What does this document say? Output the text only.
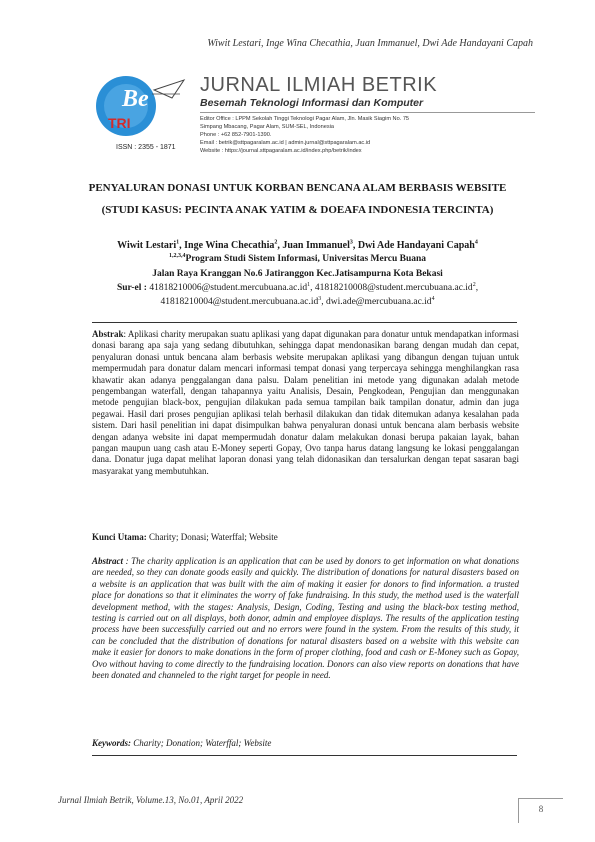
Wiwit Lestari, Inge Wina Checathia, Juan Immanuel, Dwi Ade Handayani Capah
Be
TRI
ISSN : 2355 - 1871
JURNAL ILMIAH BETRIK
Besemah Teknologi Informasi dan Komputer
Editor Office : LPPM Sekolah Tinggi Teknologi Pagar Alam, Jln. Masik Siagim No. 75
Simpang Mbacang, Pagar Alam, SUM-SEL, Indonesia
Phone : +62 852-7901-1390.
Email : betrik@sttpagaralam.ac.id | admin.jurnal@sttpagaralam.ac.id
Website : https://journal.sttpagaralam.ac.id/index.php/betrik/index
PENYALURAN DONASI UNTUK KORBAN BENCANA ALAM BERBASIS WEBSITE
(STUDI KASUS: PECINTA ANAK YATIM & DOEAFA INDONESIA TERCINTA)
Wiwit Lestari$^1$, Inge Wina Checathia$^2$, Juan Immanuel$^3$, Dwi Ade Handayani Capah$^4$
$^{1,2,3,4}$Program Studi Sistem Informasi, Universitas Mercu Buana
Jalan Raya Kranggan No.6 Jatiranggon Kec.Jatisampurna Kota Bekasi
Sur-el : $41818210006@student.mercubuana.ac.id^1$, $41818210008@student.mercubuana.ac.id^2$,
$41818210004@student.mercubuana.ac.id^3$, $dwi.ade@mercubuana.ac.id^4$
Abstrak: Aplikasi charity merupakan suatu aplikasi yang dapat digunakan para donatur untuk mendapatkan informasi donasi barang apa saja yang sedang dibutuhkan, sehingga dapat mendonasikan barang dengan mudah dan cepat, penyaluran donasi untuk bencana alam berbasis website merupakan aplikasi yang dibangun dengan tujuan untuk mempermudah para donatur dalam mencari informasi tempat donasi yang terpercaya sehingga menghilangkan rasa khawatir akan adanya penggalangan dana palsu. Dalam penelitian ini metode yang digunakan adalah metode pengembangan waterfall, dengan tahapannya yaitu Analisis, Desain, Pengkodean, Pengujian dan menggunakan metode pengujian black-box, pengujian dilakukan pada semua tampilan baik tampilan donatur, admin dan juga pegawai. Hasil dari proses pengujian aplikasi telah berhasil dilakukan dan tidak ditemukan adanya kesalahan pada sistem. Dari hasil penelitian ini dapat disimpulkan bahwa penyaluran donasi untuk bencana alam berbasis website dengan adanya website ini dapat mempermudah donatur dalam melakukan donasi berupa pakaian layak, bahan pangan maupun uang cash atau E-Money seperti Gopay, Ovo tanpa harus datang langsung ke lokasi penggalangan dana. Donatur juga dapat melihat laporan donasi yang telah didonasikan dan tersalurkan dengan tepat sasaran bagi masyarakat yang membutuhkan.
Kunci Utama: Charity; Donasi; Waterffal; Website
Abstract : The charity application is an application that can be used by donors to get information on what donations are needed, so they can donate goods easily and quickly. The distribution of donations for natural disasters based on a website is an application that was built with the aim of making it easier for donors to find information. a trusted place for donations so that it eliminates the worry of fake fundraising. In this study, the method used is the waterfall development method, with the stages: Analysis, Design, Coding, Testing and using the black-box testing method, testing is carried out on all displays, both donor, admin and employee displays. The results of the application testing process have been successfully carried out and no errors were found in the system. From the results of this study, it can be concluded that the distribution of donations for natural disasters based on a website with this website can make it easier for donors to make donations in the form of proper clothing, food and cash or E-Money such as Gopay, Ovo without having to come directly to the fundraising location. Donors can also view reports on donations that have been donated and channeled to the right target for people in need.
Keywords: Charity; Donation; Waterffal; Website
Jurnal Ilmiah Betrik, Volume.13, No.01, April 2022
8
